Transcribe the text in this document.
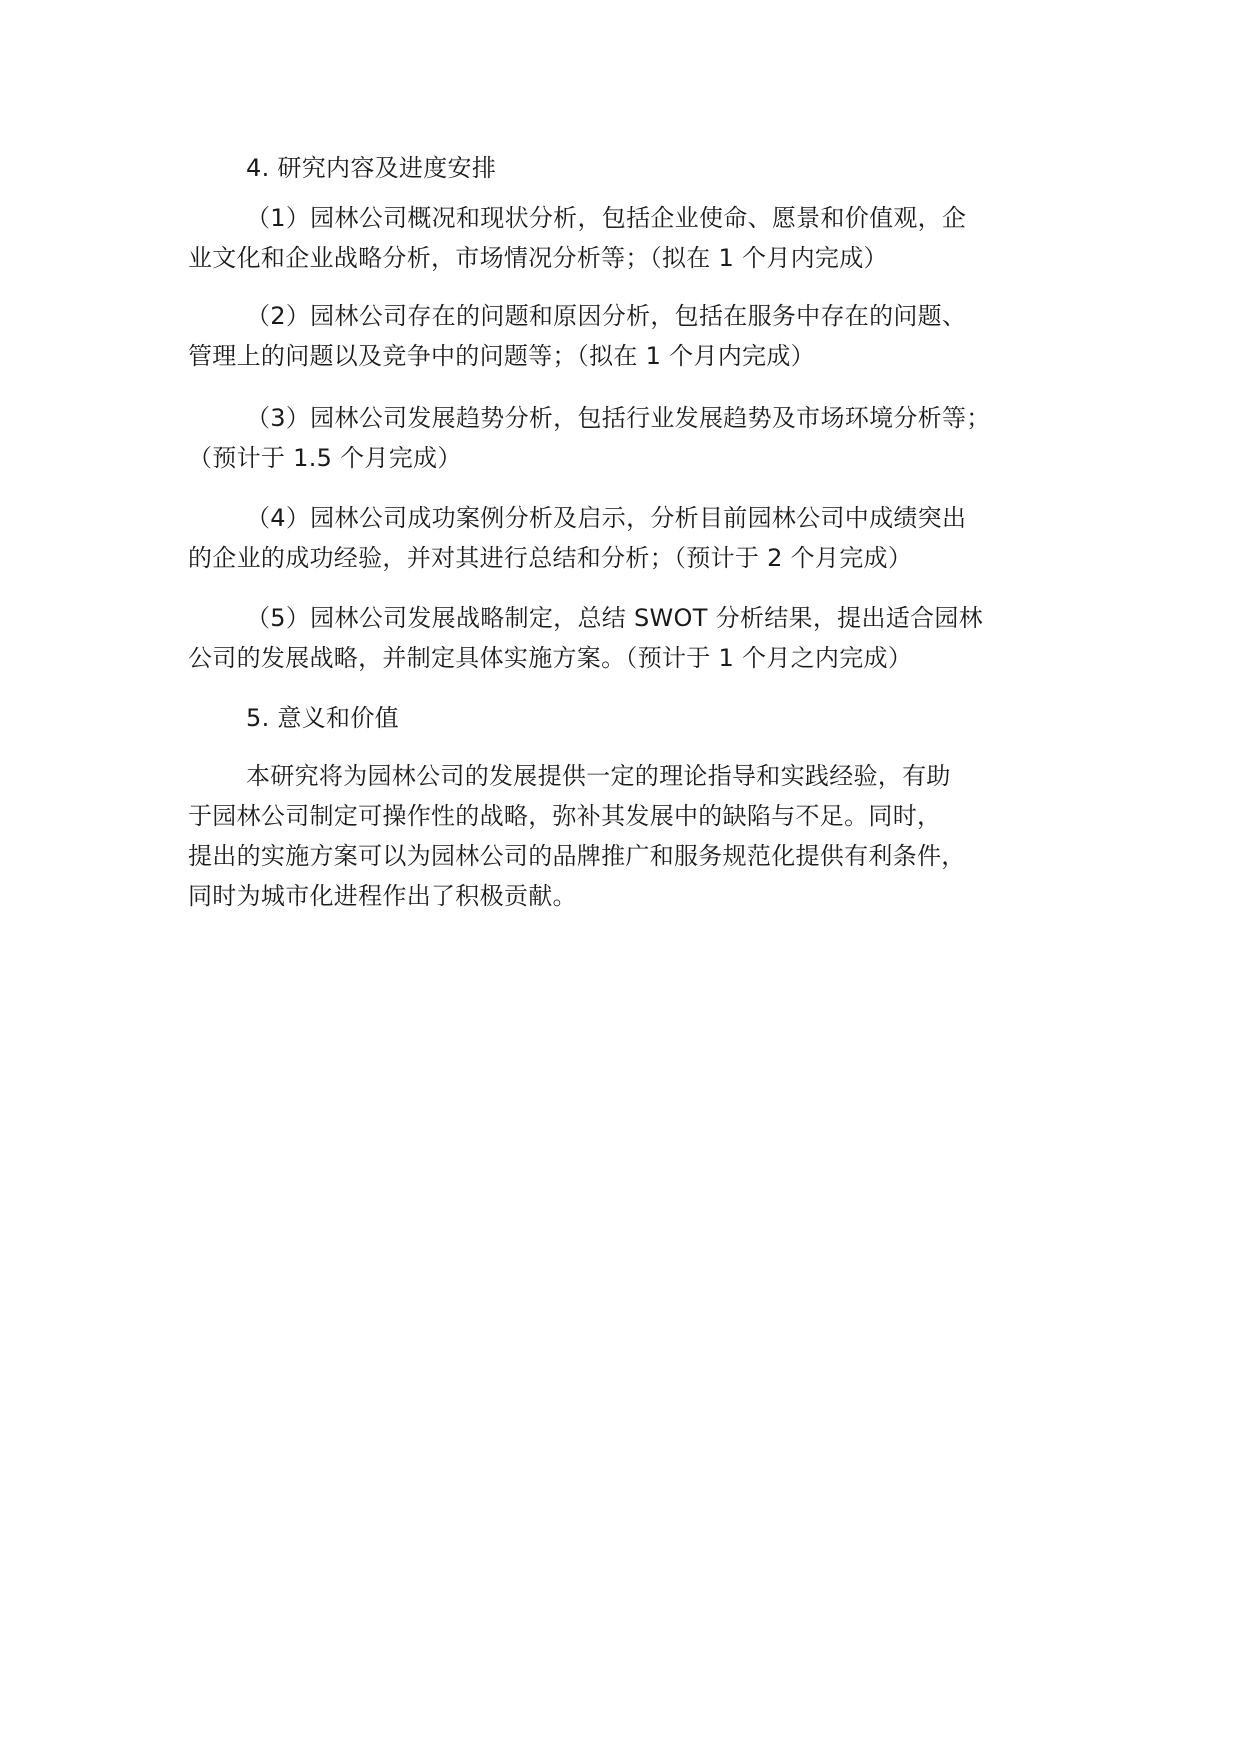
4. 研究内容及进度安排
（1）园林公司概况和现状分析，包括企业使命、愿景和价值观，企
业文化和企业战略分析，市场情况分析等；（拟在 1 个月内完成）
（2）园林公司存在的问题和原因分析，包括在服务中存在的问题、
管理上的问题以及竞争中的问题等；（拟在 1 个月内完成）
（3）园林公司发展趋势分析，包括行业发展趋势及市场环境分析等；
（预计于 1.5 个月完成）
（4）园林公司成功案例分析及启示，分析目前园林公司中成绩突出
的企业的成功经验，并对其进行总结和分析；（预计于 2 个月完成）
（5）园林公司发展战略制定，总结 SWOT 分析结果，提出适合园林
公司的发展战略，并制定具体实施方案。（预计于 1 个月之内完成）
5. 意义和价值
本研究将为园林公司的发展提供一定的理论指导和实践经验，有助
于园林公司制定可操作性的战略，弥补其发展中的缺陷与不足。同时，
提出的实施方案可以为园林公司的品牌推广和服务规范化提供有利条件，
同时为城市化进程作出了积极贡献。
